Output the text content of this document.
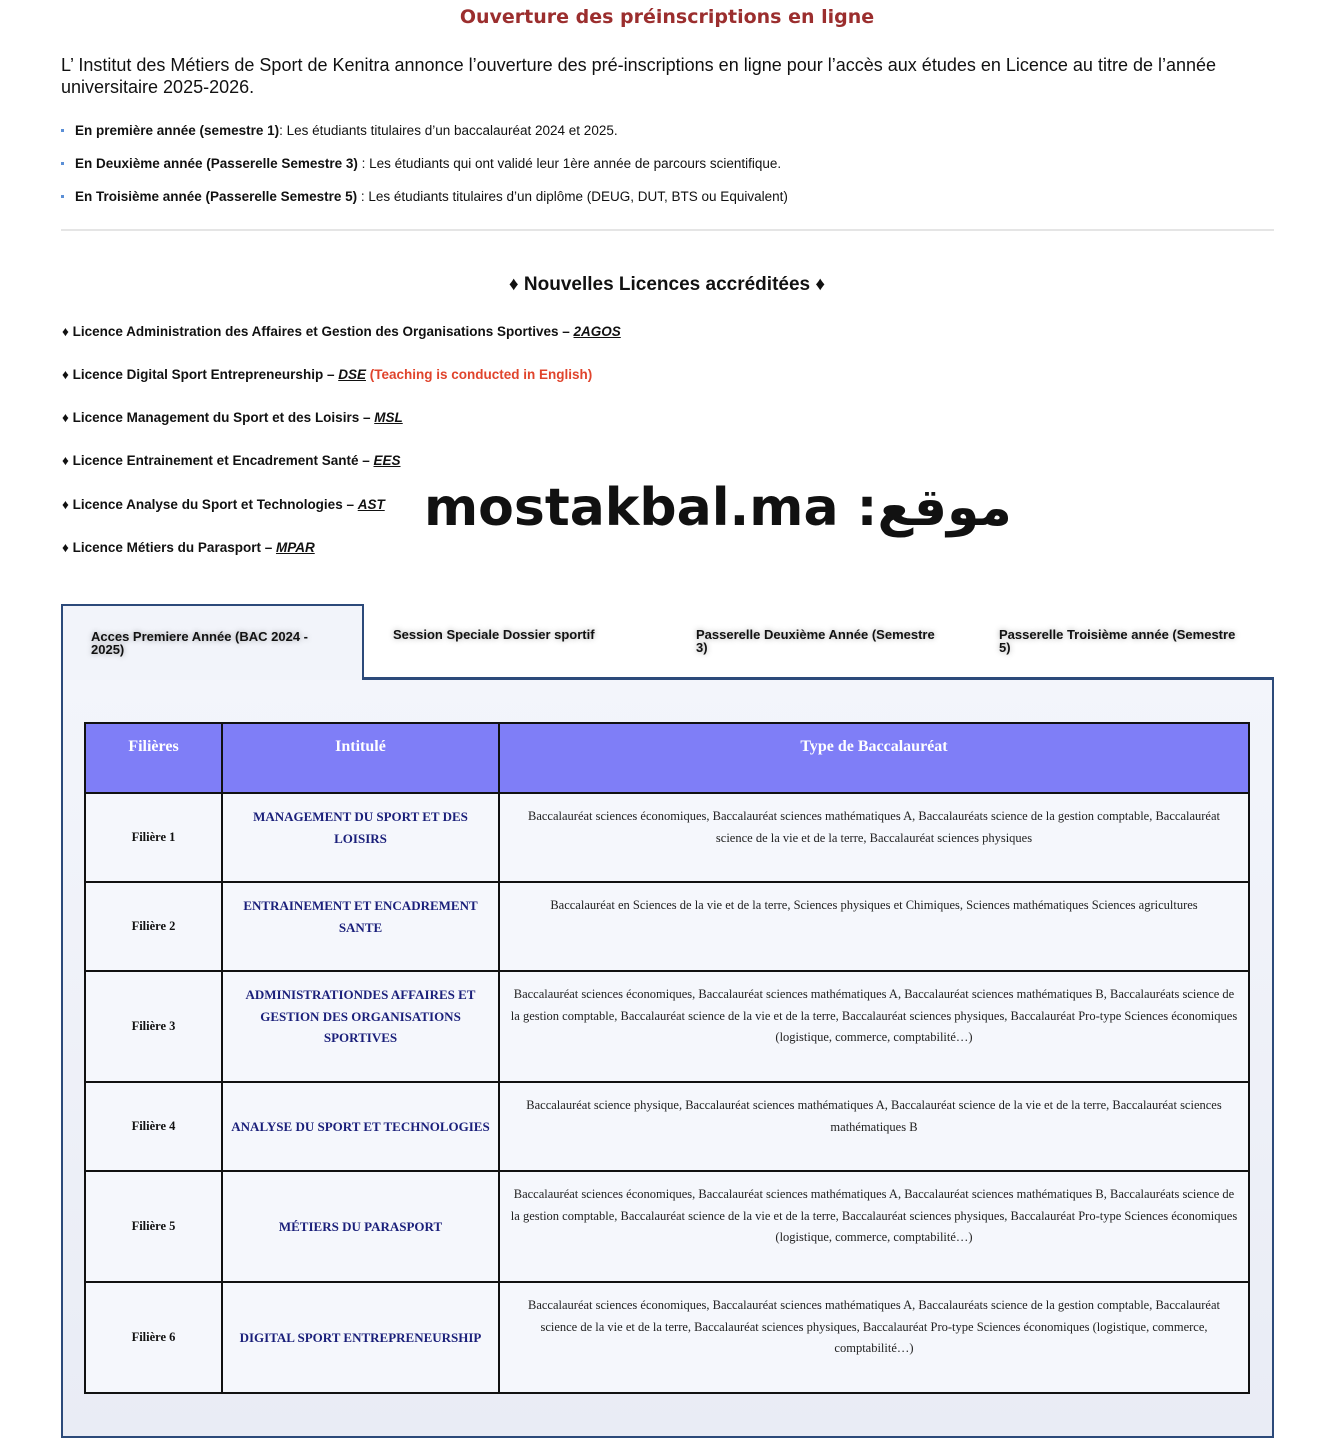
Ouverture des préinscriptions en ligne
L’ Institut des Métiers de Sport de Kenitra annonce l’ouverture des pré-inscriptions en ligne pour l’accès aux études en Licence au titre de l’année universitaire 2025-2026.
En première année (semestre 1): Les étudiants titulaires d’un baccalauréat 2024 et 2025.
En Deuxième année (Passerelle Semestre 3) : Les étudiants qui ont validé leur 1ère année de parcours scientifique.
En Troisième année (Passerelle Semestre 5) : Les étudiants titulaires d’un diplôme (DEUG, DUT, BTS ou Equivalent)
♦ Nouvelles Licences accréditées ♦
♦ Licence Administration des Affaires et Gestion des Organisations Sportives – 2AGOS
♦ Licence Digital Sport Entrepreneurship – DSE (Teaching is conducted in English)
♦ Licence Management du Sport et des Loisirs – MSL
♦ Licence Entrainement et Encadrement Santé – EES
♦ Licence Analyse du Sport et Technologies – AST
♦ Licence Métiers du Parasport – MPAR
mostakbal.ma :موقع
Acces Premiere Année (BAC 2024 - 2025)
Session Speciale Dossier sportif	Passerelle Deuxième Année (Semestre 3)
Passerelle Troisième année (Semestre 5)
Filières	Intitulé	Type de Baccalauréat
Filière 1	MANAGEMENT DU SPORT ET DES LOISIRS	Baccalauréat sciences économiques, Baccalauréat sciences mathématiques A, Baccalauréats science de la gestion comptable, Baccalauréat science de la vie et de la terre, Baccalauréat sciences physiques
Filière 2	ENTRAINEMENT ET ENCADREMENT SANTE	Baccalauréat en Sciences de la vie et de la terre, Sciences physiques et Chimiques, Sciences mathématiques Sciences agricultures
Filière 3	ADMINISTRATIONDES AFFAIRES ET GESTION DES ORGANISATIONS SPORTIVES	Baccalauréat sciences économiques, Baccalauréat sciences mathématiques A, Baccalauréat sciences mathématiques B, Baccalauréats science de la gestion comptable, Baccalauréat science de la vie et de la terre, Baccalauréat sciences physiques, Baccalauréat Pro-type Sciences économiques (logistique, commerce, comptabilité…)
Filière 4	ANALYSE DU SPORT ET TECHNOLOGIES	Baccalauréat science physique, Baccalauréat sciences mathématiques A, Baccalauréat science de la vie et de la terre, Baccalauréat sciences mathématiques B
Filière 5	MÉTIERS DU PARASPORT	Baccalauréat sciences économiques, Baccalauréat sciences mathématiques A, Baccalauréat sciences mathématiques B, Baccalauréats science de la gestion comptable, Baccalauréat science de la vie et de la terre, Baccalauréat sciences physiques, Baccalauréat Pro-type Sciences économiques (logistique, commerce, comptabilité…)
Filière 6	DIGITAL SPORT ENTREPRENEURSHIP	Baccalauréat sciences économiques, Baccalauréat sciences mathématiques A, Baccalauréats science de la gestion comptable, Baccalauréat science de la vie et de la terre, Baccalauréat sciences physiques, Baccalauréat Pro-type Sciences économiques (logistique, commerce, comptabilité…)
